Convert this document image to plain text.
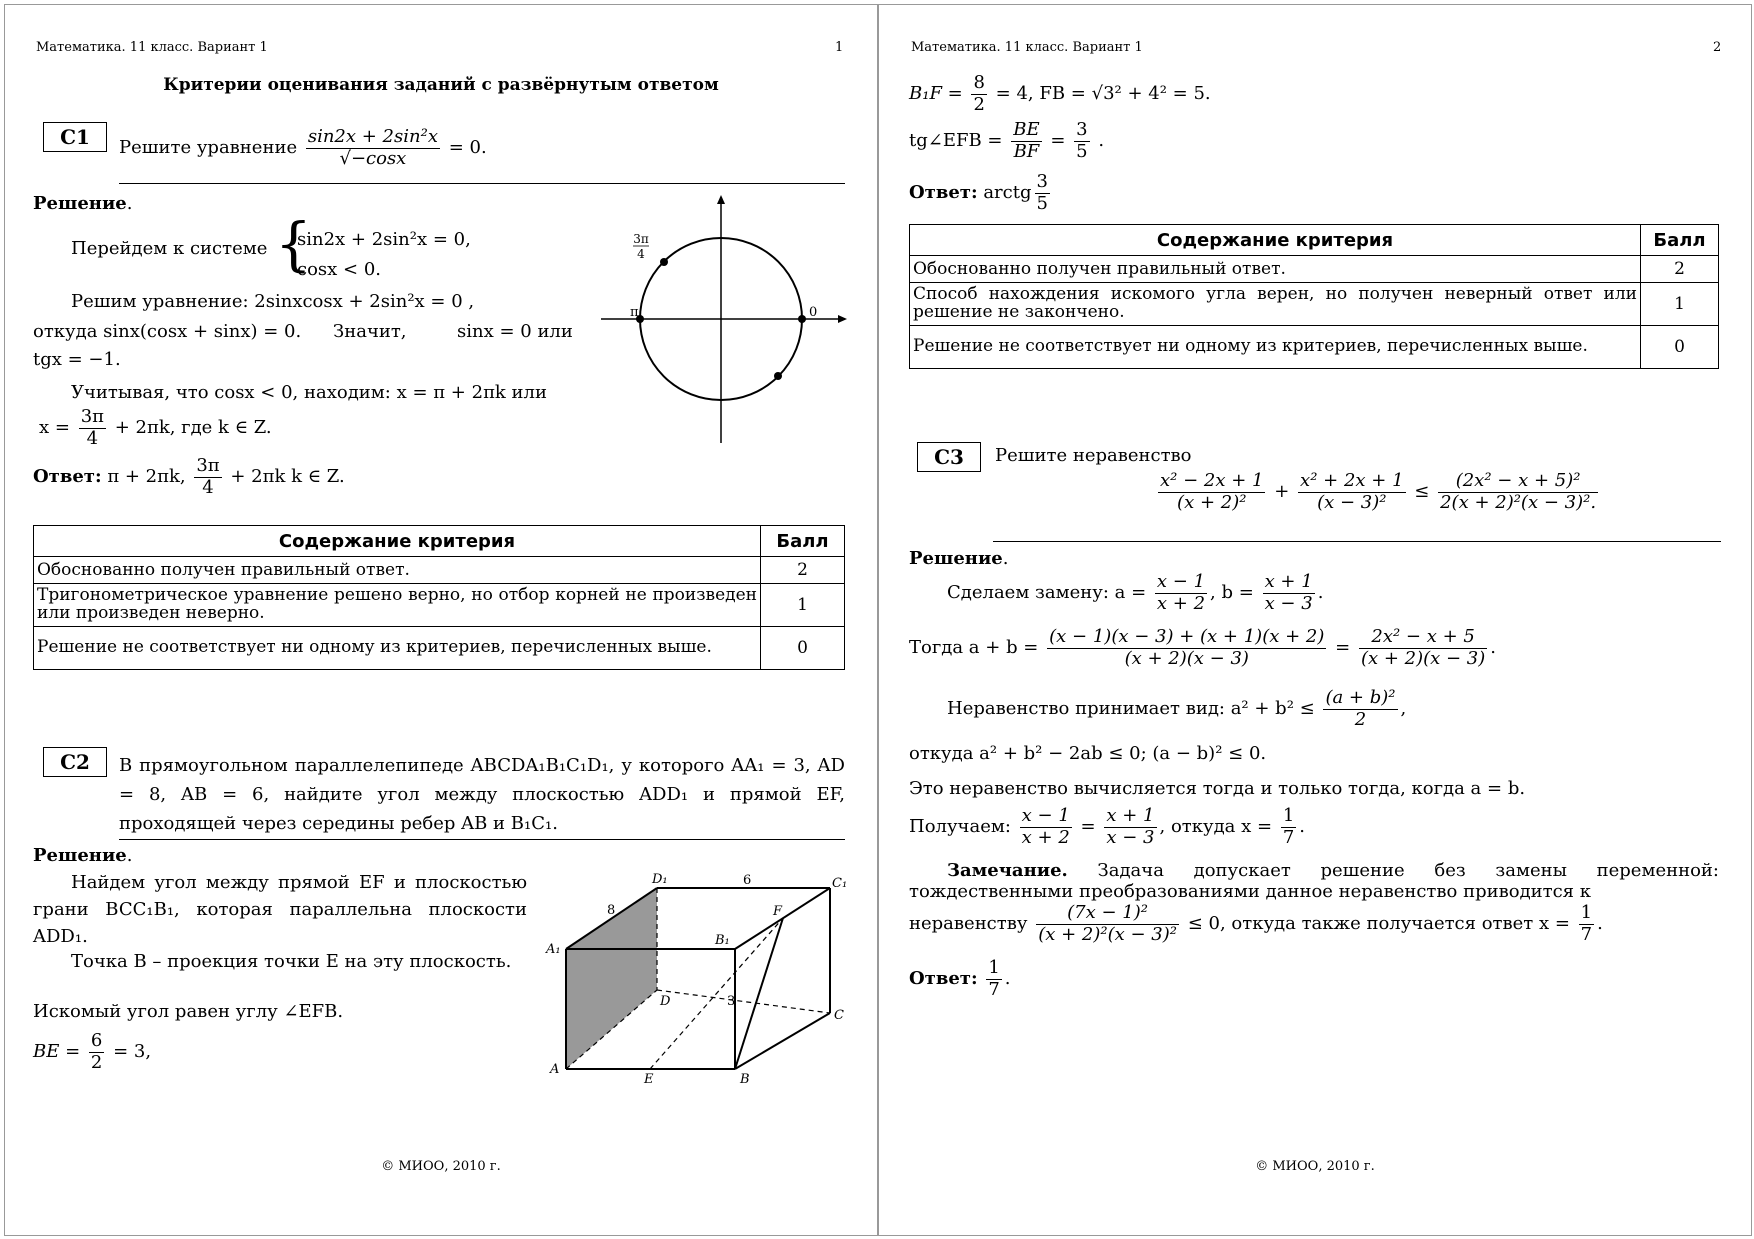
Математика. 11 класс. Вариант 1	1
Критерии оценивания заданий с развёрнутым ответом
C1	Решите уравнение $\frac{\text{sin2x + 2sin²x}}{√-\cos x} = 0$.
Решение.
Перейдем к системе {
sin2x + 2sin²x = 0,
cosx < 0.
Решим уравнение: 2sinxcosx + 2sin²x = 0 ,
откуда sinx(cosx + sinx) = 0. Значит,	sinx = 0 или
tgx = −1.
Учитывая, что cosx < 0, находим: x = π + 2πk или
$x = \frac{3\pi}{4} + 2\pi k$, где k ∈ Z.
Ответ: π + 2πk, $\frac{3\pi}{4} + 2\pi k$ k ∈ Z.
3π
4
π	0
Содержание критерия	Балл
Обоснованно получен правильный ответ.	2
Тригонометрическое уравнение решено верно, но отбор корней не произведен или произведен неверно.	1
Решение не соответствует ни одному из критериев, перечисленных выше.	0
C2	В прямоугольном параллелепипеде ABCDA₁B₁C₁D₁, у которого AA₁ = 3, AD = 8, AB = 6, найдите угол между плоскостью ADD₁ и прямой EF, проходящей через середины ребер AB и B₁C₁.
Решение.
Найдем угол между прямой EF и плоскостью грани BCC₁B₁, которая параллельна плоскости ADD₁.
Точка B – проекция точки E на эту плоскость.
Искомый угол равен углу ∠EFB.
BE = $\frac{6}{2} = 3$,
A
B
C
D
A₁
B₁
C₁
D₁
E
F
8
6
3
© МИОО, 2010 г.
Математика. 11 класс. Вариант 1	2
$B_1F = \frac{8}{2} = 4$, FB = √3² + 4² = 5.
tg∠EFB = $\frac{BE}{BF} = \frac{3}{5}$ .
Ответ: arctg $\frac{3}{5}$
Содержание критерия	Балл
Обоснованно получен правильный ответ.	2
Способ нахождения искомого угла верен, но получен неверный ответ или решение не закончено.	1
Решение не соответствует ни одному из критериев, перечисленных выше.	0
C3	Решите неравенство
$\frac{\text{x² − 2x + 1}}{\text{(x + 2)²}} + \frac{\text{x² + 2x + 1}}{\text{(x − 3)²}} \le \frac{\text{(2x² − x + 5)²}}{\text{2(x + 2)²(x − 3)².}}$
Решение.
Сделаем замену: $a = \frac{x - 1}{x + 2}$ , $b = \frac{x + 1}{x - 3}$ .
Тогда $a + b = \frac{(x - 1)(x - 3) + (x + 1)(x + 2)}{(x + 2)(x - 3)} = \frac{\text{2x² − x + 5}}{(x + 2)(x - 3)}$ .
Неравенство принимает вид: $a^2 + b^2 \le \frac{\text{(a + b)²}}{2}$ ,
откуда a² + b² − 2ab ≤ 0; (a − b)² ≤ 0.
Это неравенство вычисляется тогда и только тогда, когда a = b.
Получаем: $\frac{x - 1}{x + 2} = \frac{x + 1}{x - 3}$ , откуда $x = \frac{1}{7}$ .
Замечание. Задача допускает решение без замены переменной: тождественными преобразованиями данное неравенство приводится к
неравенству $\frac{\text{(7x − 1)²}}{\text{(x + 2)²(x − 3)²}} \le 0$, откуда также получается ответ $x = \frac{1}{7}$ .
Ответ: $\frac{1}{7}$ .
© МИОО, 2010 г.
